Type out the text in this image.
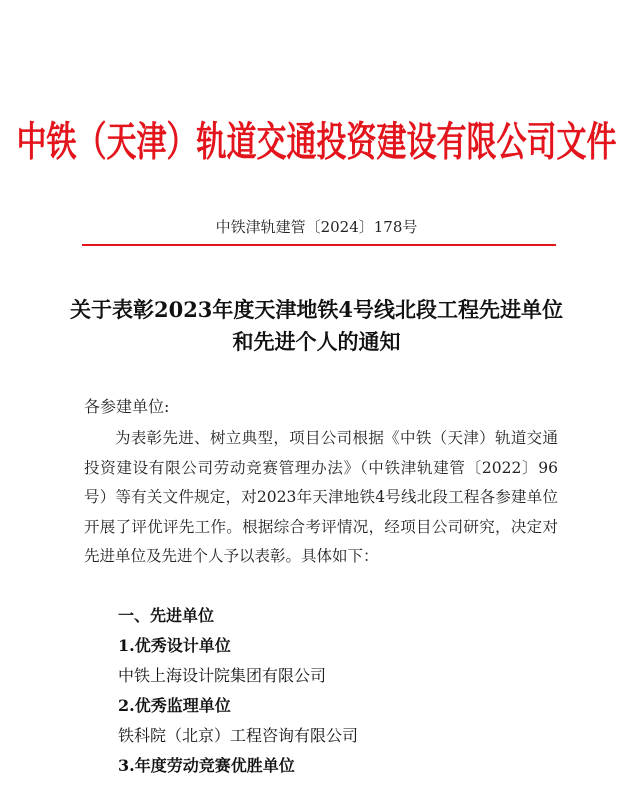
中铁（天津）轨道交通投资建设有限公司文件
中铁津轨建管〔2024〕178号
关于表彰2023年度天津地铁4号线北段工程先进单位和先进个人的通知
各参建单位:
为表彰先进、树立典型，项目公司根据《中铁（天津）轨道交通投资建设有限公司劳动竞赛管理办法》（中铁津轨建管〔2022〕96号）等有关文件规定，对2023年天津地铁4号线北段工程各参建单位开展了评优评先工作。根据综合考评情况，经项目公司研究，决定对先进单位及先进个人予以表彰。具体如下：
一、先进单位
1.优秀设计单位
中铁上海设计院集团有限公司
2.优秀监理单位
铁科院（北京）工程咨询有限公司
3.年度劳动竞赛优胜单位
